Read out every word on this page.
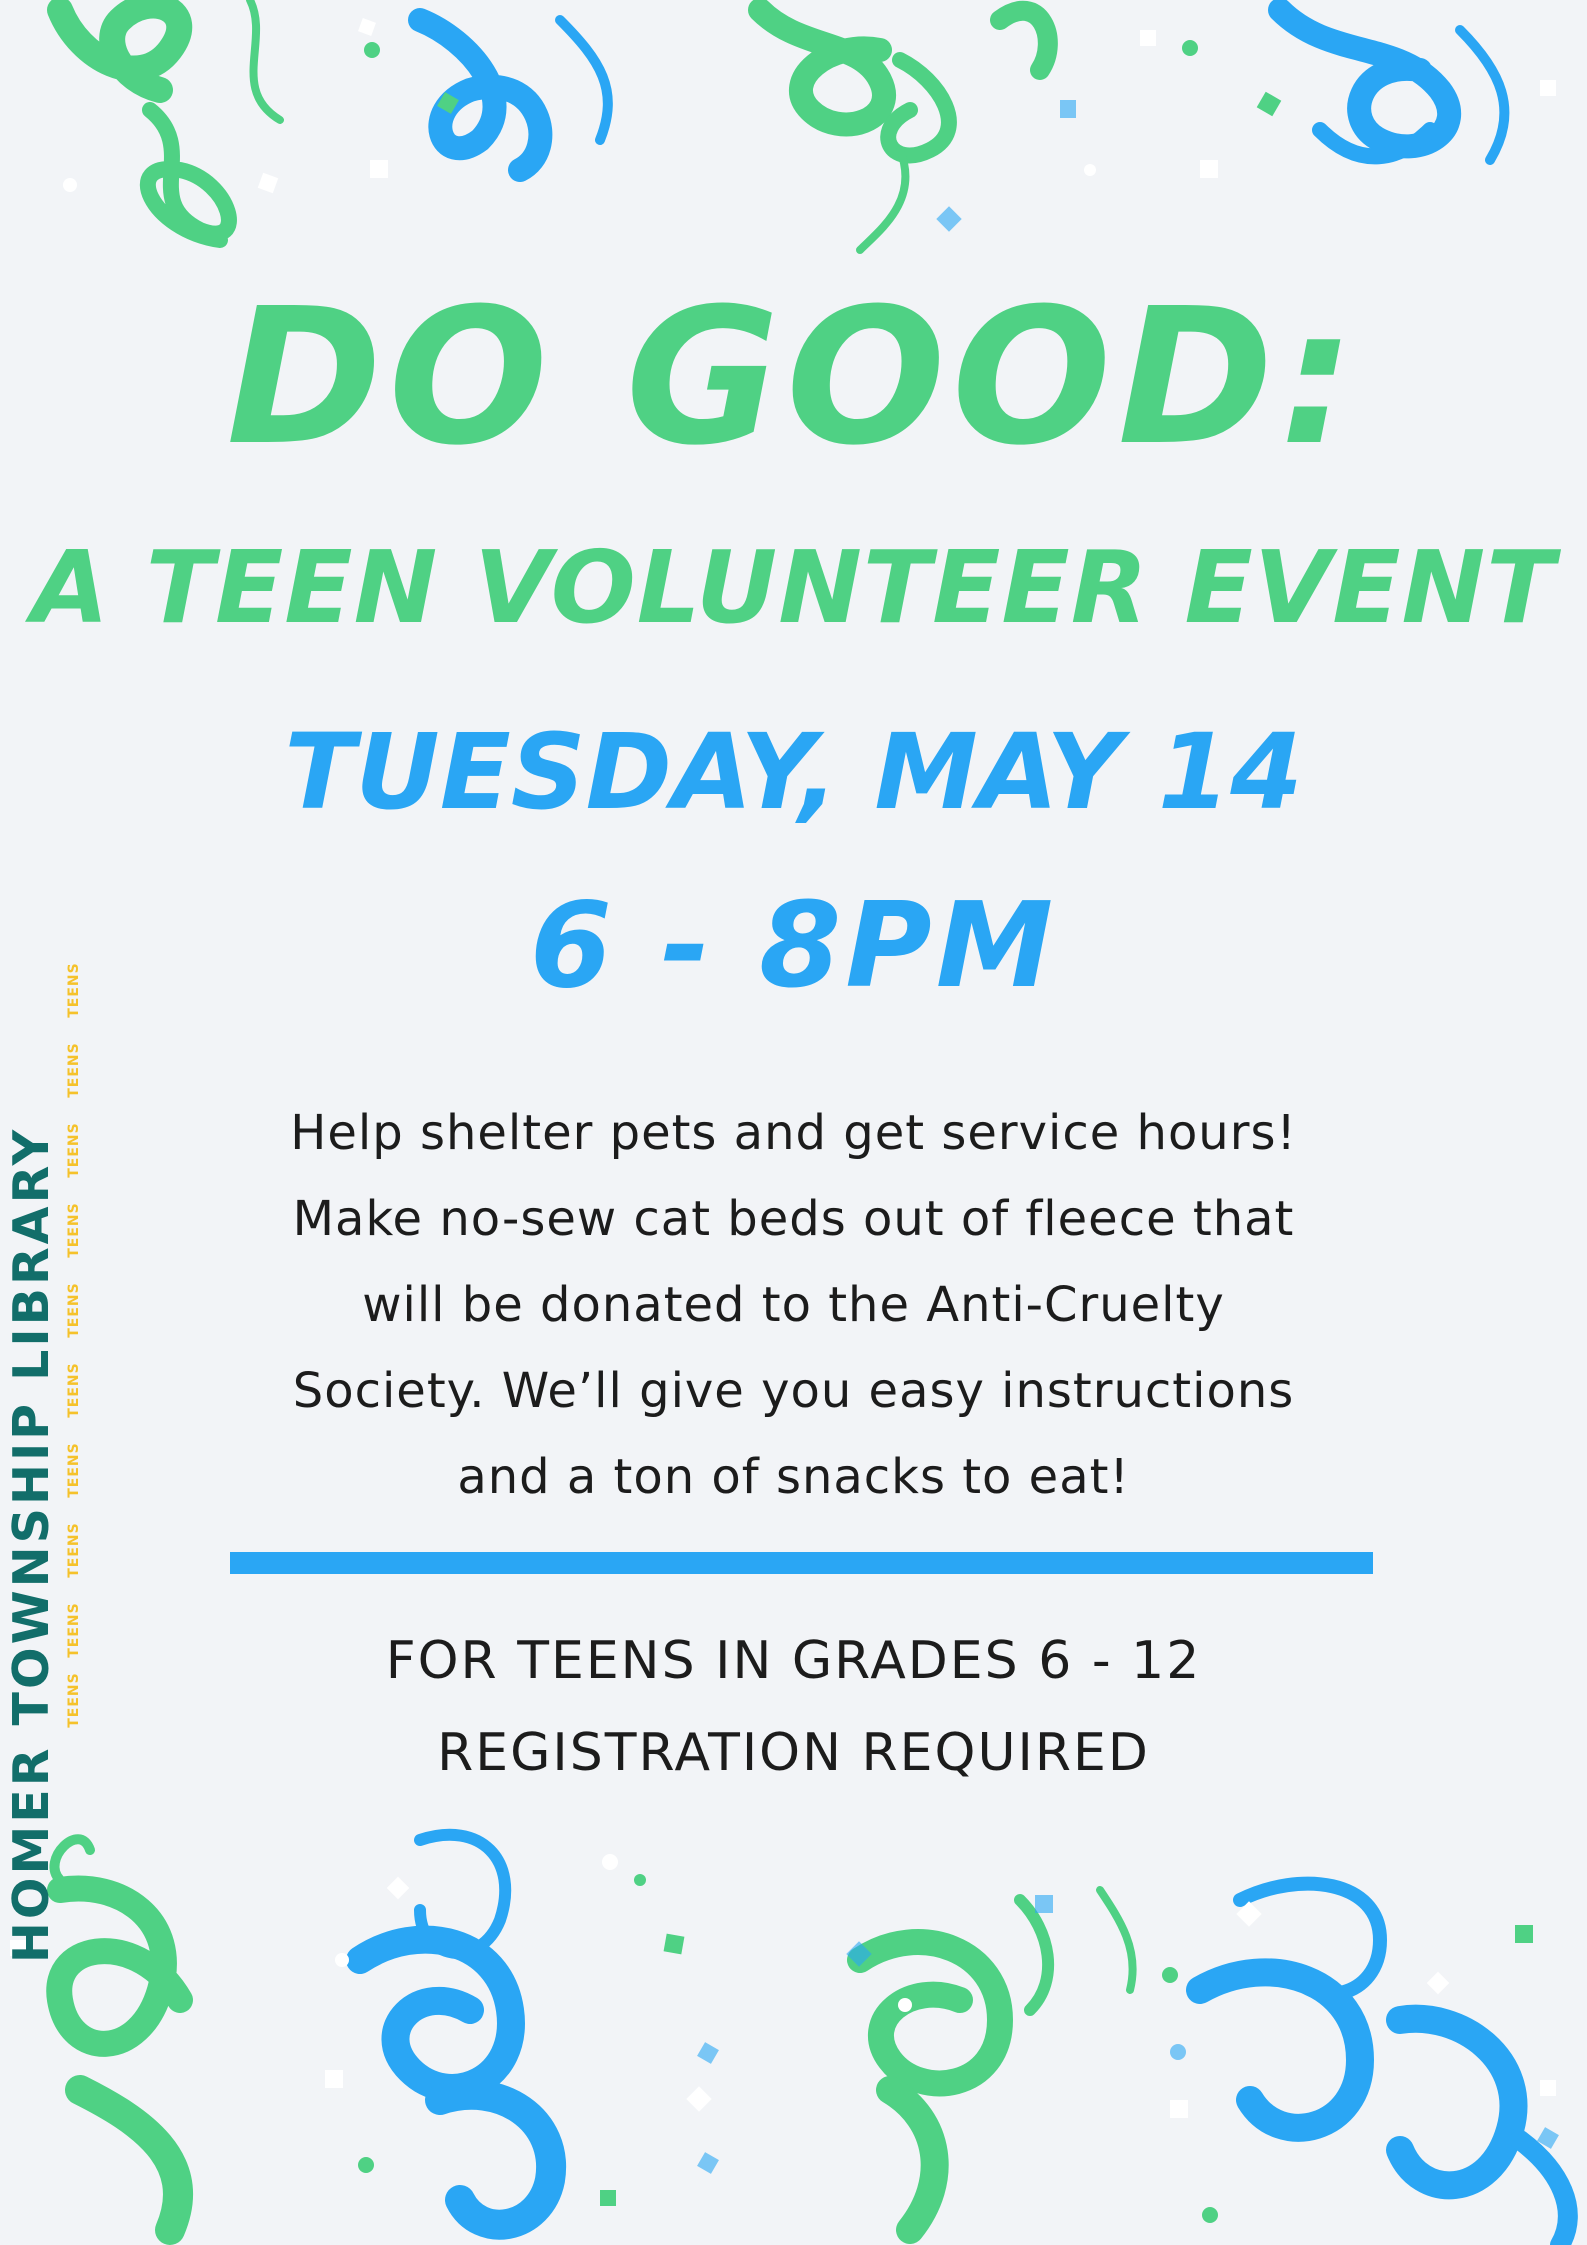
DO GOOD:
A TEEN VOLUNTEER EVENT
TUESDAY, MAY 14
6 - 8PM
Help shelter pets and get service hours!
Make no-sew cat beds out of fleece that
will be donated to the Anti-Cruelty
Society. We’ll give you easy instructions
and a ton of snacks to eat!
FOR TEENS IN GRADES 6 - 12
REGISTRATION REQUIRED
HOMER TOWNSHIP LIBRARY
TEENS
TEENS
TEENS
TEENS
TEENS
TEENS
TEENS
TEENS
TEENS
TEENS
